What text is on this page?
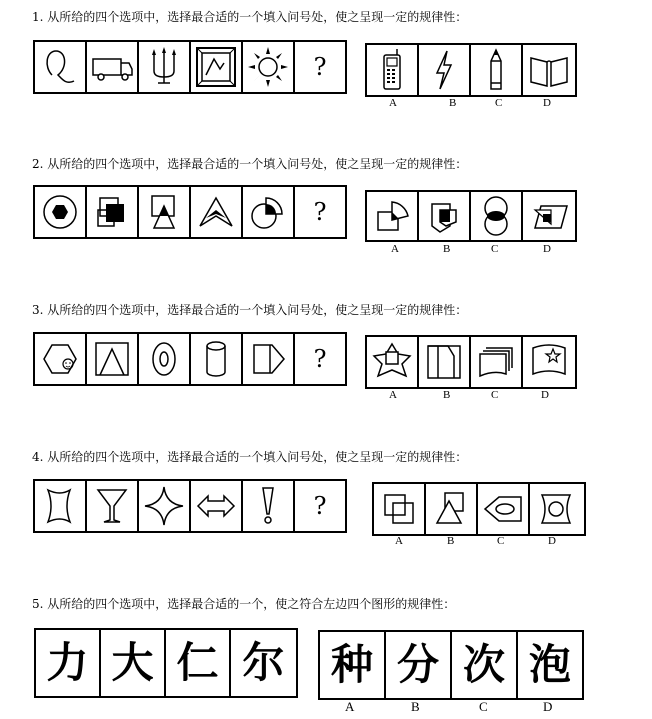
1. 从所给的四个选项中，选择最合适的一个填入问号处，使之呈现一定的规律性：
?
A	B	C	D
2. 从所给的四个选项中，选择最合适的一个填入问号处，使之呈现一定的规律性：
?
A	B	C	D
3. 从所给的四个选项中，选择最合适的一个填入问号处，使之呈现一定的规律性：
?
A	B	C	D
4. 从所给的四个选项中，选择最合适的一个填入问号处，使之呈现一定的规律性：
?
A	B	C	D
5. 从所给的四个选项中，选择最合适的一个，使之符合左边四个图形的规律性：
力 大 仁 尔 种 分 次 泡
A	B	C	D
